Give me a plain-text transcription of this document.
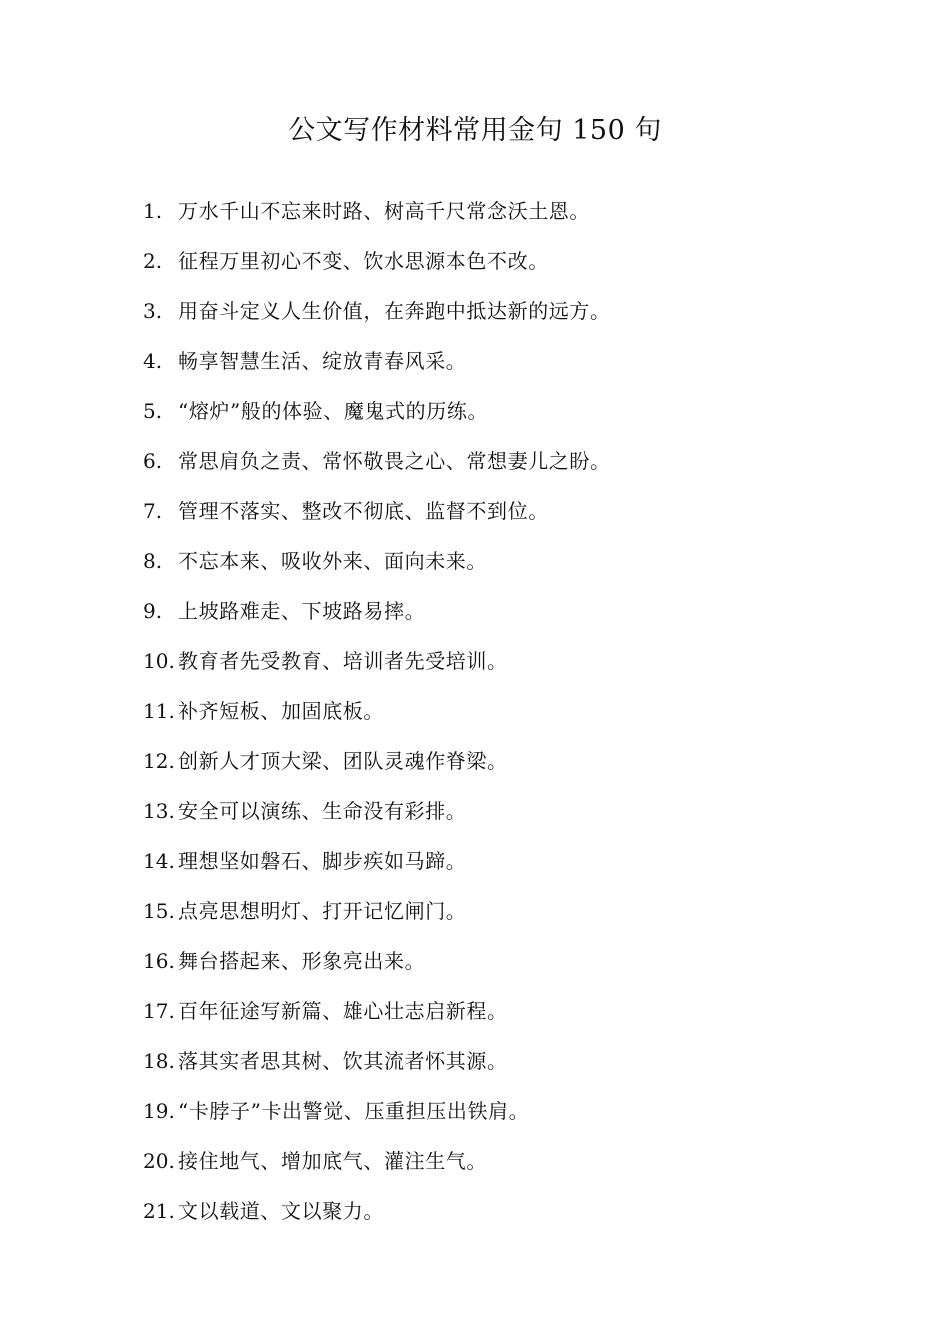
公文写作材料常用金句 150 句
1. 万水千山不忘来时路、树高千尺常念沃土恩。
2. 征程万里初心不变、饮水思源本色不改。
3. 用奋斗定义人生价值，在奔跑中抵达新的远方。
4. 畅享智慧生活、绽放青春风采。
5. “熔炉”般的体验、魔鬼式的历练。
6. 常思肩负之责、常怀敬畏之心、常想妻儿之盼。
7. 管理不落实、整改不彻底、监督不到位。
8. 不忘本来、吸收外来、面向未来。
9. 上坡路难走、下坡路易摔。
10. 教育者先受教育、培训者先受培训。
11. 补齐短板、加固底板。
12. 创新人才顶大梁、团队灵魂作脊梁。
13. 安全可以演练、生命没有彩排。
14. 理想坚如磐石、脚步疾如马蹄。
15. 点亮思想明灯、打开记忆闸门。
16. 舞台搭起来、形象亮出来。
17. 百年征途写新篇、雄心壮志启新程。
18. 落其实者思其树、饮其流者怀其源。
19. “卡脖子”卡出警觉、压重担压出铁肩。
20. 接住地气、增加底气、灌注生气。
21. 文以载道、文以聚力。
